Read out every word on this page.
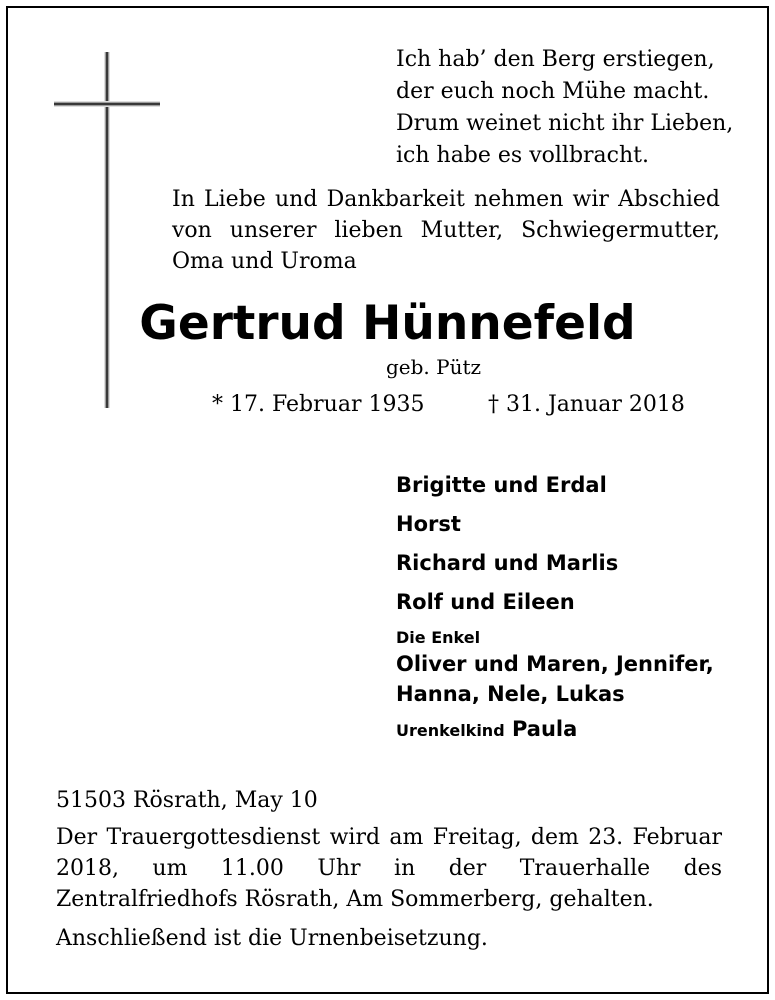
Ich hab’ den Berg erstiegen,
der euch noch Mühe macht.
Drum weinet nicht ihr Lieben,
ich habe es vollbracht.
In Liebe und Dankbarkeit nehmen wir Abschied von unserer lieben Mutter, Schwiegermutter, Oma und Uroma
Gertrud Hünnefeld
geb. Pütz
* 17. Februar 1935	† 31. Januar 2018
Brigitte und Erdal
Horst
Richard und Marlis
Rolf und Eileen
Die Enkel
Oliver und Maren, Jennifer,
Hanna, Nele, Lukas
Urenkelkind Paula
51503 Rösrath, May 10
Der Trauergottesdienst wird am Freitag, dem 23. Februar 2018, um 11.00 Uhr in der Trauerhalle des Zentralfriedhofs Rösrath, Am Sommerberg, gehalten.
Anschließend ist die Urnenbeisetzung.
